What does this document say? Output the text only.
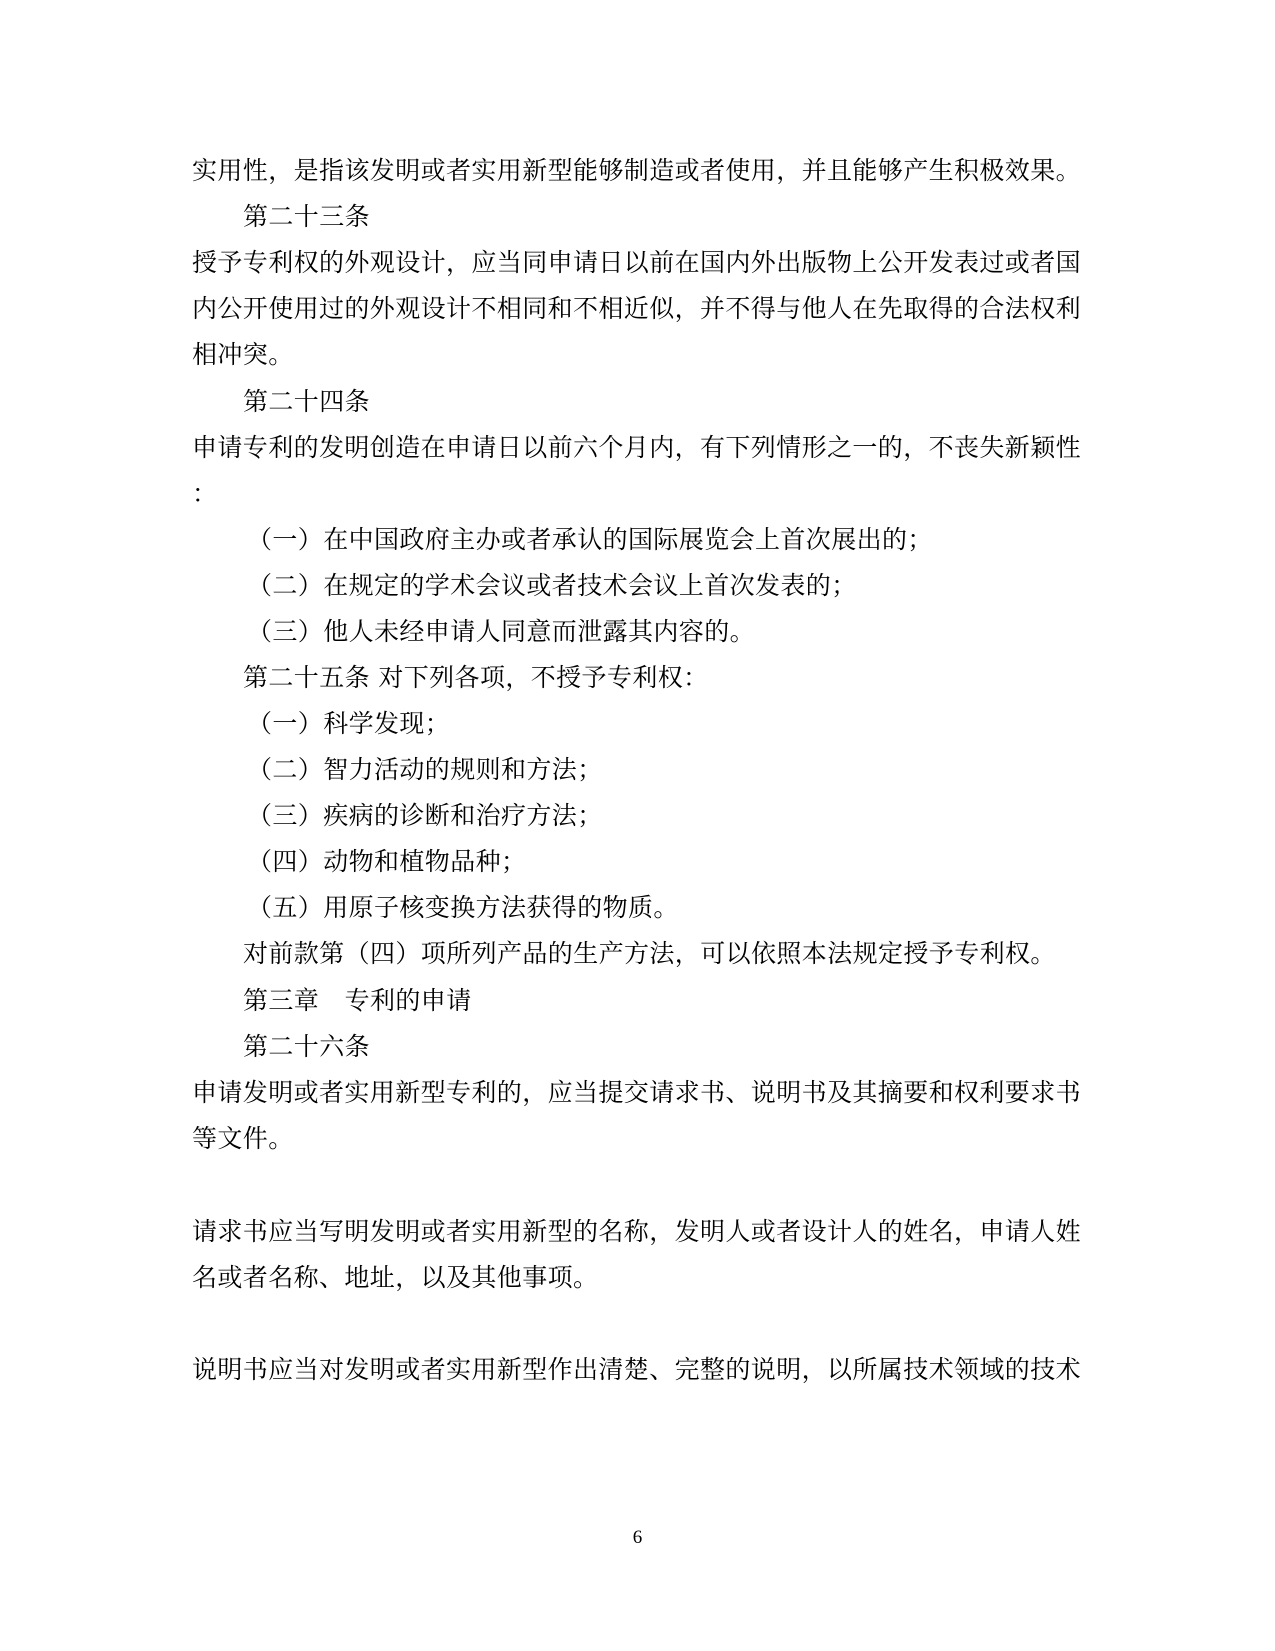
实用性，是指该发明或者实用新型能够制造或者使用，并且能够产生积极效果。
第二十三条
授予专利权的外观设计，应当同申请日以前在国内外出版物上公开发表过或者国
内公开使用过的外观设计不相同和不相近似，并不得与他人在先取得的合法权利
相冲突。
第二十四条
申请专利的发明创造在申请日以前六个月内，有下列情形之一的，不丧失新颖性
：
（一）在中国政府主办或者承认的国际展览会上首次展出的；
（二）在规定的学术会议或者技术会议上首次发表的；
（三）他人未经申请人同意而泄露其内容的。
第二十五条 对下列各项，不授予专利权：
（一）科学发现；
（二）智力活动的规则和方法；
（三）疾病的诊断和治疗方法；
（四）动物和植物品种；
（五）用原子核变换方法获得的物质。
对前款第（四）项所列产品的生产方法，可以依照本法规定授予专利权。
第三章　专利的申请
第二十六条
申请发明或者实用新型专利的，应当提交请求书、说明书及其摘要和权利要求书
等文件。
请求书应当写明发明或者实用新型的名称，发明人或者设计人的姓名，申请人姓
名或者名称、地址，以及其他事项。
说明书应当对发明或者实用新型作出清楚、完整的说明，以所属技术领域的技术
6
